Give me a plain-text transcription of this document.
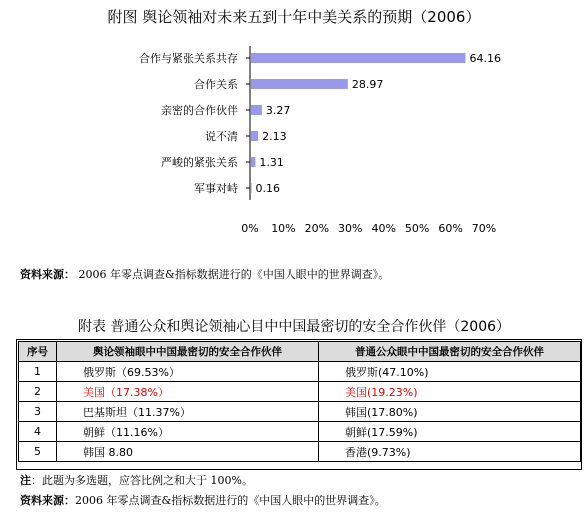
附图 舆论领袖对未来五到十年中美关系的预期（2006）
合作与紧张关系共存	64.16
合作关系	28.97
亲密的合作伙伴	3.27
说不清 2.13
严峻的紧张关系 1.31
军事对峙 0.16
0% 10% 20% 30% 40% 50% 60% 70%
资料来源： 2006 年零点调查&指标数据进行的《中国人眼中的世界调查》。
附表 普通公众和舆论领袖心目中中国最密切的安全合作伙伴（2006）
序号	舆论领袖眼中中国最密切的安全合作伙伴	普通公众眼中中国最密切的安全合作伙伴
1	俄罗斯（69.53%）	俄罗斯(47.10%)
2	美国（17.38%）	美国(19.23%)
3	巴基斯坦（11.37%）	韩国(17.80%)
4	朝鲜（11.16%）	朝鲜(17.59%)
5	韩国 8.80	香港(9.73%)
注：此题为多选题，应答比例之和大于 100%。
资料来源：2006 年零点调查&指标数据进行的《中国人眼中的世界调查》。
